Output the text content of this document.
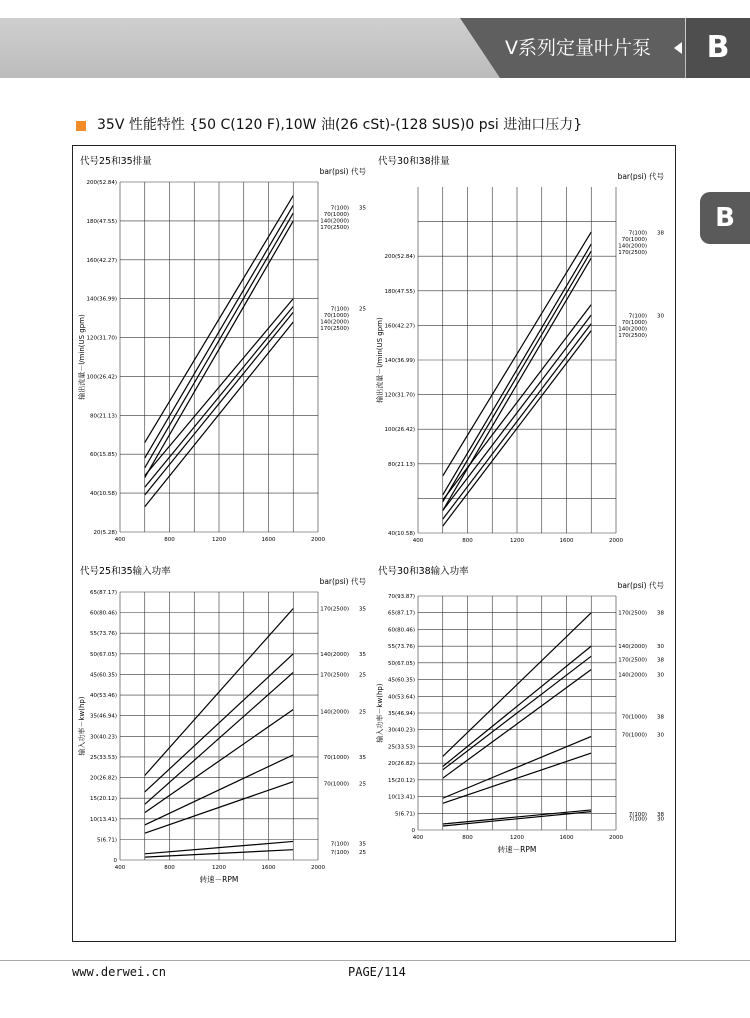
V系列定量叶片泵	B
B
35V 性能特性 {50 C(120 F),10W 油(26 cSt)-(128 SUS)0 psi 进油口压力}
代号25和35排量
bar(psi) 代号
20(5.28)
40(10.58)
60(15.85)
80(21.13)
100(26.42)
120(31.70)
140(36.99)
160(42.27)
180(47.55)
200(52.84)
400	800	1200	1600	2000
输出流量－l/min(US gpm)
7(100)
70(1000)
140(2000)
170(2500)
35
7(100)
70(1000)
140(2000)
170(2500)
25
代号30和38排量
bar(psi) 代号
40(10.58)
80(21.13)
100(26.42)
120(31.70)
140(36.99)
160(42.27)
180(47.55)
200(52.84)
400	800	1200	1600	2000
输出流量－l/min(US gpm)
7(100)
70(1000)
140(2000)
170(2500)
38
7(100)
70(1000)
140(2000)
170(2500)
30
代号25和35输入功率
bar(psi) 代号
0
5(6.71)
10(13.41)
15(20.12)
20(26.82)
25(33.53)
30(40.23)
35(46.94)
40(53.46)
45(60.35)
50(67.05)
55(73.76)
60(80.46)
65(87.17)
400	800	1200	1600	2000
输入功率－kw(hp)
转速－RPM
170(2500) 35
140(2000) 35
170(2500) 25
140(2000) 25
70(1000) 35
70(1000) 25
7(100) 35
7(100) 25
代号30和38输入功率
bar(psi) 代号
0
5(6.71)
10(13.41)
15(20.12)
20(26.82)
25(33.53)
30(40.23)
35(46.94)
40(53.64)
45(60.35)
50(67.05)
55(73.76)
60(80.46)
65(87.17)
70(93.87)
400	800	1200	1600	2000
输入功率－kw(hp)
转速－RPM
170(2500) 38
140(2000) 30
170(2500) 38
140(2000) 30
70(1000) 38
70(1000) 30
7(100) 38
7(100) 30
www.derwei.cn	PAGE/114
